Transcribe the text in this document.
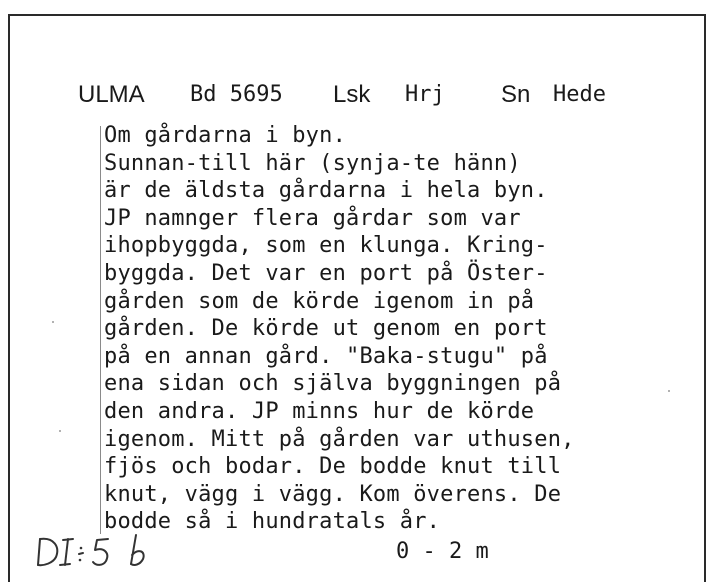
ULMA Bd 5695 Lsk Hrj Sn Hede
Om gårdarna i byn.
Sunnan-till här (synja-te hänn)
är de äldsta gårdarna i hela byn.
JP namnger flera gårdar som var
ihopbyggda, som en klunga. Kring-
byggda. Det var en port på Öster-
gården som de körde igenom in på
gården. De körde ut genom en port
på en annan gård. "Baka-stugu" på
ena sidan och själva byggningen på
den andra. JP minns hur de körde
igenom. Mitt på gården var uthusen,
fjös och bodar. De bodde knut till
knut, vägg i vägg. Kom överens. De
bodde så i hundratals år.
0 - 2 m
